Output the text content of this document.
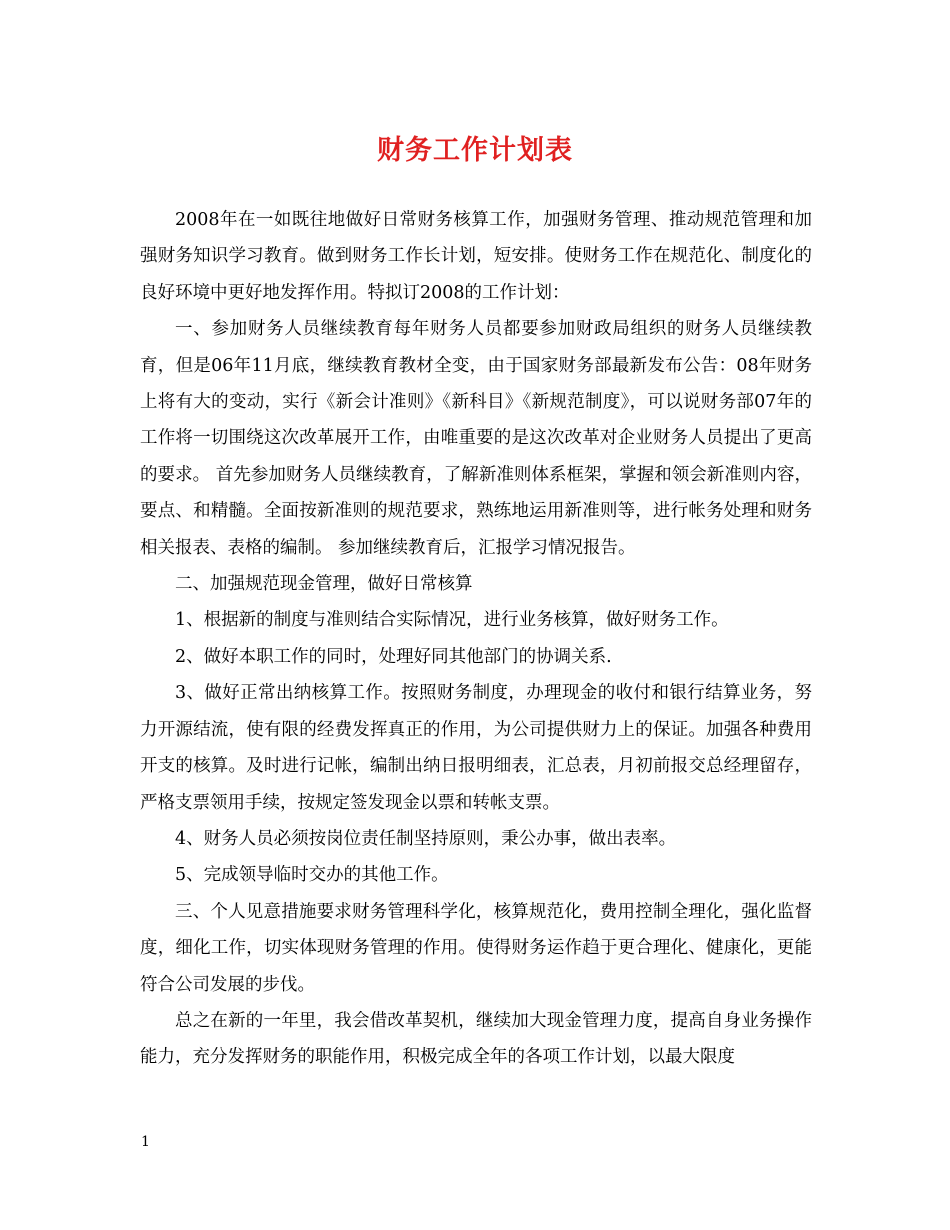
财务工作计划表

2008年在一如既往地做好日常财务核算工作，加强财务管理、推动规范管理和加强财务知识学习教育。做到财务工作长计划，短安排。使财务工作在规范化、制度化的良好环境中更好地发挥作用。特拟订2008的工作计划：

一、参加财务人员继续教育每年财务人员都要参加财政局组织的财务人员继续教育，但是06年11月底，继续教育教材全变，由于国家财务部最新发布公告：08年财务上将有大的变动，实行《新会计准则》《新科目》《新规范制度》，可以说财务部07年的工作将一切围绕这次改革展开工作，由唯重要的是这次改革对企业财务人员提出了更高的要求。 首先参加财务人员继续教育，了解新准则体系框架，掌握和领会新准则内容，要点、和精髓。全面按新准则的规范要求，熟练地运用新准则等，进行帐务处理和财务相关报表、表格的编制。 参加继续教育后，汇报学习情况报告。

二、加强规范现金管理，做好日常核算

1、根据新的制度与准则结合实际情况，进行业务核算，做好财务工作。

2、做好本职工作的同时，处理好同其他部门的协调关系.

3、做好正常出纳核算工作。按照财务制度，办理现金的收付和银行结算业务，努力开源结流，使有限的经费发挥真正的作用，为公司提供财力上的保证。加强各种费用开支的核算。及时进行记帐，编制出纳日报明细表，汇总表，月初前报交总经理留存，严格支票领用手续，按规定签发现金以票和转帐支票。

4、财务人员必须按岗位责任制坚持原则，秉公办事，做出表率。

5、完成领导临时交办的其他工作。

三、个人见意措施要求财务管理科学化，核算规范化，费用控制全理化，强化监督度，细化工作，切实体现财务管理的作用。使得财务运作趋于更合理化、健康化，更能符合公司发展的步伐。

总之在新的一年里，我会借改革契机，继续加大现金管理力度，提高自身业务操作能力，充分发挥财务的职能作用，积极完成全年的各项工作计划，以最大限度

1
